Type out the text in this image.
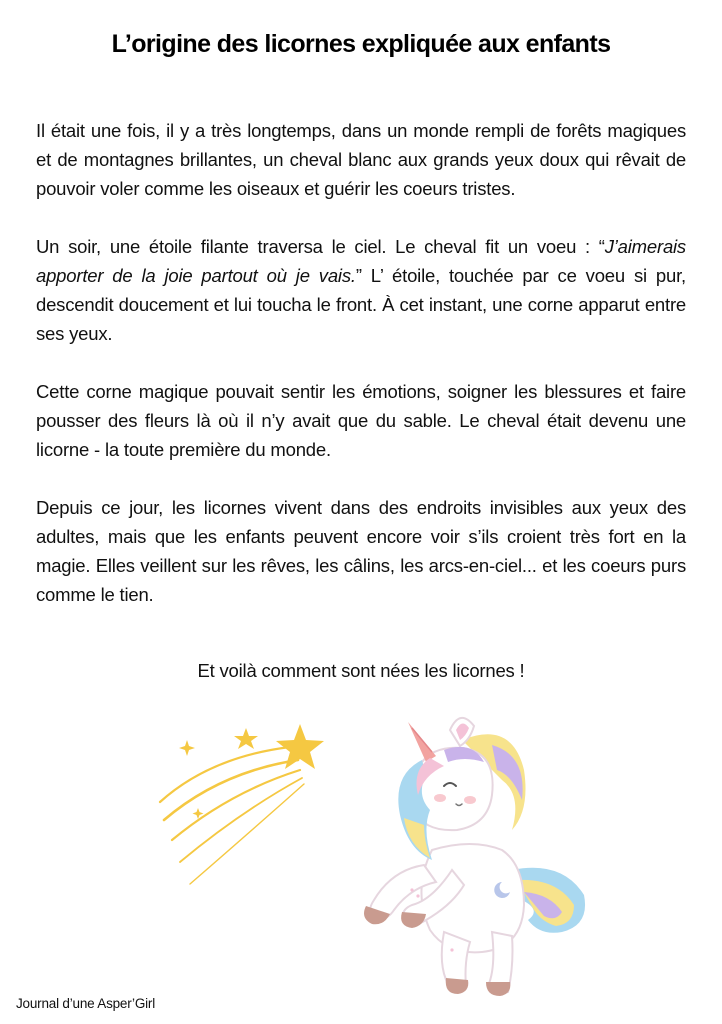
L’origine des licornes expliquée aux enfants

Il était une fois, il y a très longtemps, dans un monde rempli de forêts magiques et de montagnes brillantes, un cheval blanc aux grands yeux doux qui rêvait de pouvoir voler comme les oiseaux et guérir les coeurs tristes.

Un soir, une étoile filante traversa le ciel. Le cheval fit un voeu : “J’aimerais apporter de la joie partout où je vais.” L’ étoile, touchée par ce voeu si pur, descendit doucement et lui toucha le front. À cet instant, une corne apparut entre ses yeux.

Cette corne magique pouvait sentir les émotions, soigner les blessures et faire pousser des fleurs là où il n’y avait que du sable. Le cheval était devenu une licorne - la toute première du monde.

Depuis ce jour, les licornes vivent dans des endroits invisibles aux yeux des adultes, mais que les enfants peuvent encore voir s’ils croient très fort en la magie. Elles veillent sur les rêves, les câlins, les arcs-en-ciel... et les coeurs purs comme le tien.

Et voilà comment sont nées les licornes !

Journal d’une Asper’Girl
